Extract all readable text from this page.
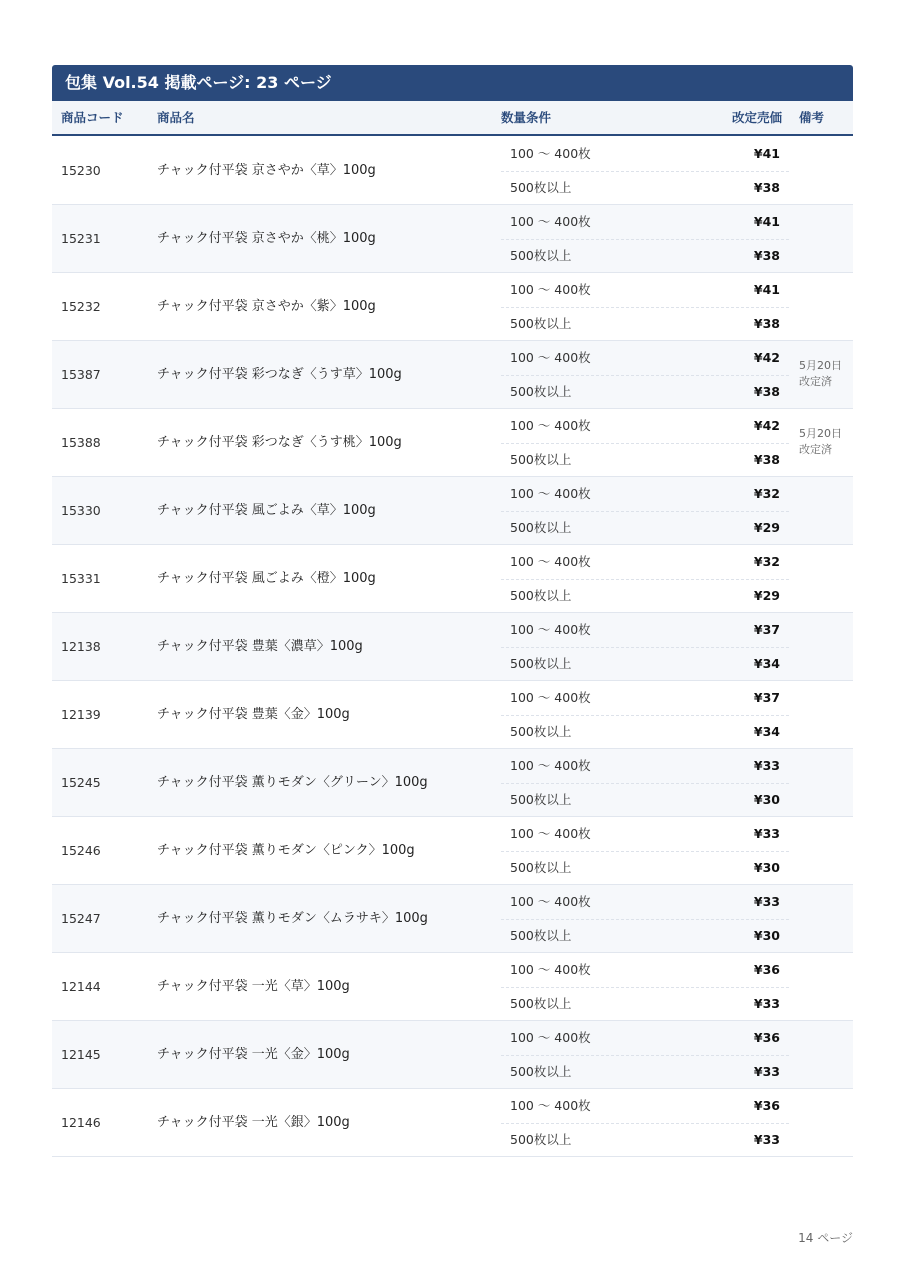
包集 Vol.54 掲載ページ: 23 ページ
商品コード	商品名	数量条件	改定売価 備考
15230	チャック付平袋 京さやか〈草〉100g
100 〜 400枚	¥41
500枚以上	¥38
15231	チャック付平袋 京さやか〈桃〉100g
100 〜 400枚	¥41
500枚以上	¥38
15232	チャック付平袋 京さやか〈紫〉100g
100 〜 400枚	¥41
500枚以上	¥38
15387	チャック付平袋 彩つなぎ〈うす草〉100g
100 〜 400枚	¥42
500枚以上	¥38
5月20日
改定済
15388	チャック付平袋 彩つなぎ〈うす桃〉100g
100 〜 400枚	¥42
500枚以上	¥38
5月20日
改定済
15330	チャック付平袋 風ごよみ〈草〉100g
100 〜 400枚	¥32
500枚以上	¥29
15331	チャック付平袋 風ごよみ〈橙〉100g
100 〜 400枚	¥32
500枚以上	¥29
12138	チャック付平袋 豊葉〈濃草〉100g
100 〜 400枚	¥37
500枚以上	¥34
12139	チャック付平袋 豊葉〈金〉100g
100 〜 400枚	¥37
500枚以上	¥34
15245	チャック付平袋 薫りモダン〈グリーン〉100g
100 〜 400枚	¥33
500枚以上	¥30
15246	チャック付平袋 薫りモダン〈ピンク〉100g
100 〜 400枚	¥33
500枚以上	¥30
15247	チャック付平袋 薫りモダン〈ムラサキ〉100g
100 〜 400枚	¥33
500枚以上	¥30
12144	チャック付平袋 一光〈草〉100g
100 〜 400枚	¥36
500枚以上	¥33
12145	チャック付平袋 一光〈金〉100g
100 〜 400枚	¥36
500枚以上	¥33
12146	チャック付平袋 一光〈銀〉100g
100 〜 400枚	¥36
500枚以上	¥33
14 ページ
